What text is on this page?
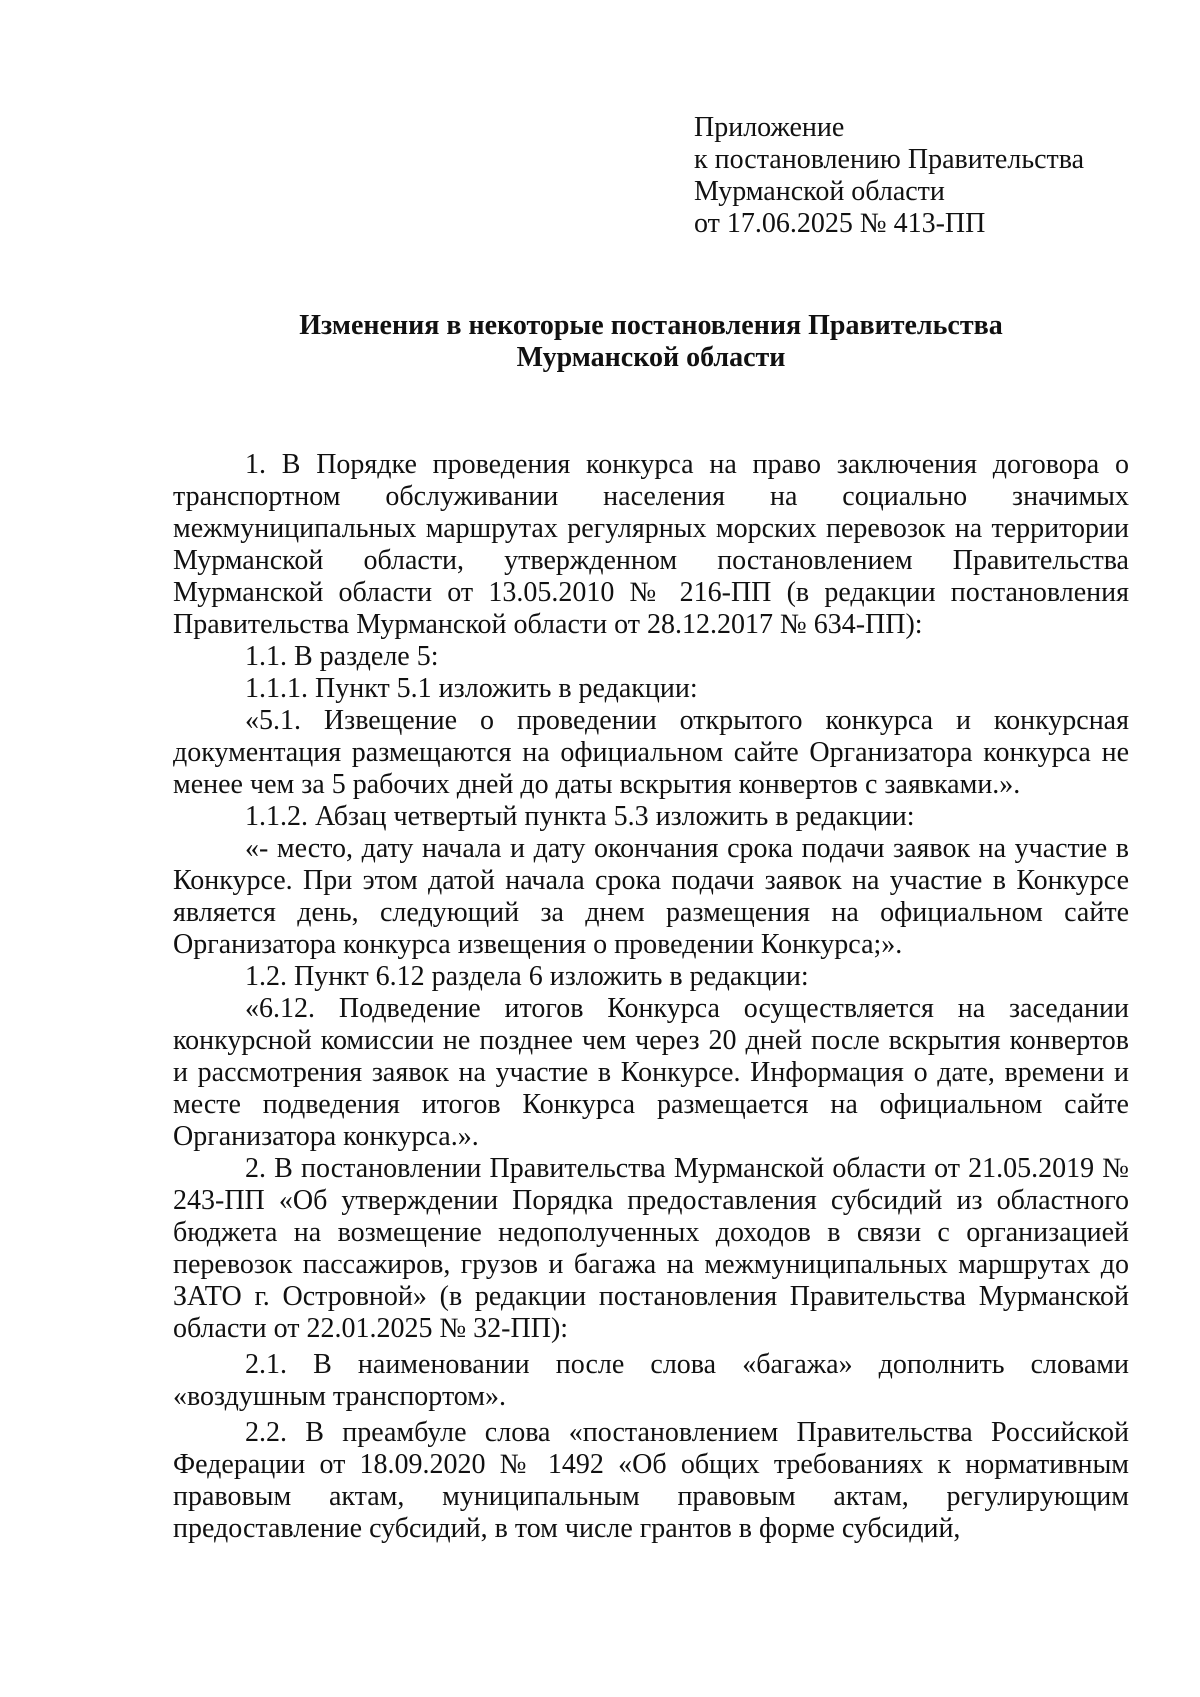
Приложение
к постановлению Правительства
Мурманской области
от 17.06.2025 № 413-ПП
Изменения в некоторые постановления Правительства
Мурманской области
1. В Порядке проведения конкурса на право заключения договора о транспортном обслуживании населения на социально значимых межмуниципальных маршрутах регулярных морских перевозок на территории Мурманской области, утвержденном постановлением Правительства Мурманской области от 13.05.2010 № 216-ПП (в редакции постановления Правительства Мурманской области от 28.12.2017 № 634-ПП):
1.1. В разделе 5:
1.1.1. Пункт 5.1 изложить в редакции:
«5.1. Извещение о проведении открытого конкурса и конкурсная документация размещаются на официальном сайте Организатора конкурса не менее чем за 5 рабочих дней до даты вскрытия конвертов с заявками.».
1.1.2. Абзац четвертый пункта 5.3 изложить в редакции:
«- место, дату начала и дату окончания срока подачи заявок на участие в Конкурсе. При этом датой начала срока подачи заявок на участие в Конкурсе является день, следующий за днем размещения на официальном сайте Организатора конкурса извещения о проведении Конкурса;».
1.2. Пункт 6.12 раздела 6 изложить в редакции:
«6.12. Подведение итогов Конкурса осуществляется на заседании конкурсной комиссии не позднее чем через 20 дней после вскрытия конвертов и рассмотрения заявок на участие в Конкурсе. Информация о дате, времени и месте подведения итогов Конкурса размещается на официальном сайте Организатора конкурса.».
2. В постановлении Правительства Мурманской области от 21.05.2019 № 243-ПП «Об утверждении Порядка предоставления субсидий из областного бюджета на возмещение недополученных доходов в связи с организацией перевозок пассажиров, грузов и багажа на межмуниципальных маршрутах до ЗАТО г. Островной» (в редакции постановления Правительства Мурманской области от 22.01.2025 № 32-ПП):
2.1. В наименовании после слова «багажа» дополнить словами «воздушным транспортом».
2.2. В преамбуле слова «постановлением Правительства Российской Федерации от 18.09.2020 № 1492 «Об общих требованиях к нормативным правовым актам, муниципальным правовым актам, регулирующим предоставление субсидий, в том числе грантов в форме субсидий,
